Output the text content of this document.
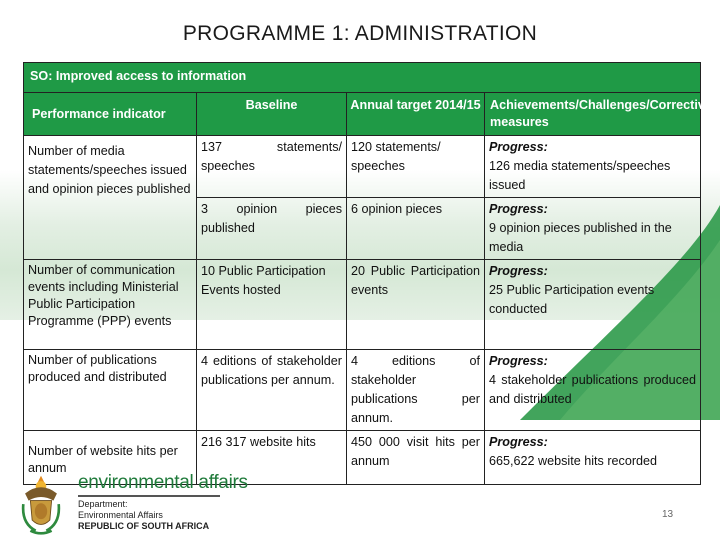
PROGRAMME 1: ADMINISTRATION
SO: Improved access to information			
Performance indicator	Baseline	Annual target 2014/15	Achievements/Challenges/Corrective measures
Number of media statements/speeches issued and opinion pieces published	137 statements/ speeches	120 statements/ speeches	Progress:
126 media statements/speeches issued

	3 opinion pieces published	6 opinion pieces	Progress:
9 opinion pieces published in the media

Number of communication events including Ministerial Public Participation Programme (PPP) events	10 Public Participation Events hosted	20 Public Participation events	Progress:
25 Public Participation events conducted

Number of publications produced and distributed	4 editions of stakeholder publications per annum.	4 editions of stakeholder publications per annum.	Progress:
4 stakeholder publications produced and distributed

Number of website hits per annum	216 317 website hits	450 000 visit hits per annum	Progress:
665,622 website hits recorded
environmental affairs
Department:
Environmental Affairs
REPUBLIC OF SOUTH AFRICA
13
